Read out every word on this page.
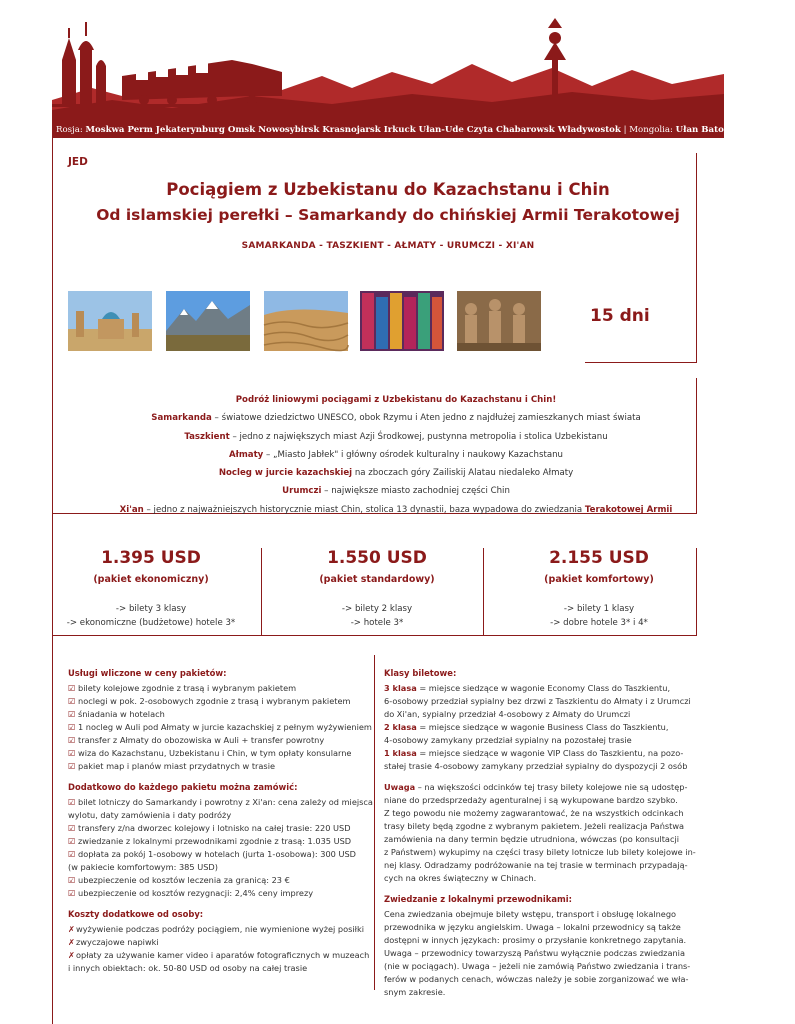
Rosja: Moskwa Perm Jekaterynburg Omsk Nowosybirsk Krasnojarsk Irkuck Ułan-Ude Czyta Chabarowsk Władywostok | Mongolia: Ułan Bator | Chiny: Pekin
JED
Pociągiem z Uzbekistanu do Kazachstanu i Chin
Od islamskiej perełki – Samarkandy do chińskiej Armii Terakotowej
SAMARKANDA - TASZKIENT - AŁMATY - URUMCZI - XI'AN
15 dni
Podróż liniowymi pociągami z Uzbekistanu do Kazachstanu i Chin!
Samarkanda – światowe dziedzictwo UNESCO, obok Rzymu i Aten jedno z najdłużej zamieszkanych miast świata
Taszkient – jedno z największych miast Azji Środkowej, pustynna metropolia i stolica Uzbekistanu
Ałmaty – „Miasto Jabłek" i główny ośrodek kulturalny i naukowy Kazachstanu
Nocleg w jurcie kazachskiej na zboczach góry Zailiskij Alatau niedaleko Ałmaty
Urumczi – największe miasto zachodniej części Chin
Xi'an – jedno z najważniejszych historycznie miast Chin, stolica 13 dynastii, baza wypadowa do zwiedzania Terakotowej Armii
1.395 USD
(pakiet ekonomiczny)
-> bilety 3 klasy
-> ekonomiczne (budżetowe) hotele 3*
1.550 USD
(pakiet standardowy)
-> bilety 2 klasy
-> hotele 3*
2.155 USD
(pakiet komfortowy)
-> bilety 1 klasy
-> dobre hotele 3* i 4*
Usługi wliczone w ceny pakietów:
☑ bilety kolejowe zgodnie z trasą i wybranym pakietem
☑ noclegi w pok. 2-osobowych zgodnie z trasą i wybranym pakietem
☑ śniadania w hotelach
☑ 1 nocleg w Auli pod Ałmaty w jurcie kazachskiej z pełnym wyżywieniem
☑ transfer z Ałmaty do obozowiska w Auli + transfer powrotny
☑ wiza do Kazachstanu, Uzbekistanu i Chin, w tym opłaty konsularne
☑ pakiet map i planów miast przydatnych w trasie
Dodatkowo do każdego pakietu można zamówić:
☑ bilet lotniczy do Samarkandy i powrotny z Xi'an: cena zależy od miejsca
wylotu, daty zamówienia i daty podróży
☑ transfery z/na dworzec kolejowy i lotnisko na całej trasie: 220 USD
☑ zwiedzanie z lokalnymi przewodnikami zgodnie z trasą: 1.035 USD
☑ dopłata za pokój 1-osobowy w hotelach (jurta 1-osobowa): 300 USD
(w pakiecie komfortowym: 385 USD)
☑ ubezpieczenie od kosztów leczenia za granicą: 23 €
☑ ubezpieczenie od kosztów rezygnacji: 2,4% ceny imprezy
Koszty dodatkowe od osoby:
✗wyżywienie podczas podróży pociągiem, nie wymienione wyżej posiłki
✗zwyczajowe napiwki
✗opłaty za używanie kamer video i aparatów fotograficznych w muzeach
i innych obiektach: ok. 50-80 USD od osoby na całej trasie
Klasy biletowe:
3 klasa = miejsce siedzące w wagonie Economy Class do Taszkientu,
6-osobowy przedział sypialny bez drzwi z Taszkientu do Ałmaty i z Urumczi
do Xi'an, sypialny przedział 4-osobowy z Ałmaty do Urumczi
2 klasa = miejsce siedzące w wagonie Business Class do Taszkientu,
4-osobowy zamykany przedział sypialny na pozostałej trasie
1 klasa = miejsce siedzące w wagonie VIP Class do Taszkientu, na pozo-
stałej trasie 4-osobowy zamykany przedział sypialny do dyspozycji 2 osób
Uwaga – na większości odcinków tej trasy bilety kolejowe nie są udostęp-
niane do przedsprzedaży agenturalnej i są wykupowane bardzo szybko.
Z tego powodu nie możemy zagwarantować, że na wszystkich odcinkach
trasy bilety będą zgodne z wybranym pakietem. Jeżeli realizacja Państwa
zamówienia na dany termin będzie utrudniona, wówczas (po konsultacji
z Państwem) wykupimy na części trasy bilety lotnicze lub bilety kolejowe in-
nej klasy. Odradzamy podróżowanie na tej trasie w terminach przypadają-
cych na okres świąteczny w Chinach.
Zwiedzanie z lokalnymi przewodnikami:
Cena zwiedzania obejmuje bilety wstępu, transport i obsługę lokalnego
przewodnika w języku angielskim. Uwaga – lokalni przewodnicy są także
dostępni w innych językach: prosimy o przysłanie konkretnego zapytania.
Uwaga – przewodnicy towarzyszą Państwu wyłącznie podczas zwiedzania
(nie w pociągach). Uwaga – jeżeli nie zamówią Państwo zwiedzania i trans-
ferów w podanych cenach, wówczas należy je sobie zorganizować we wła-
snym zakresie.
